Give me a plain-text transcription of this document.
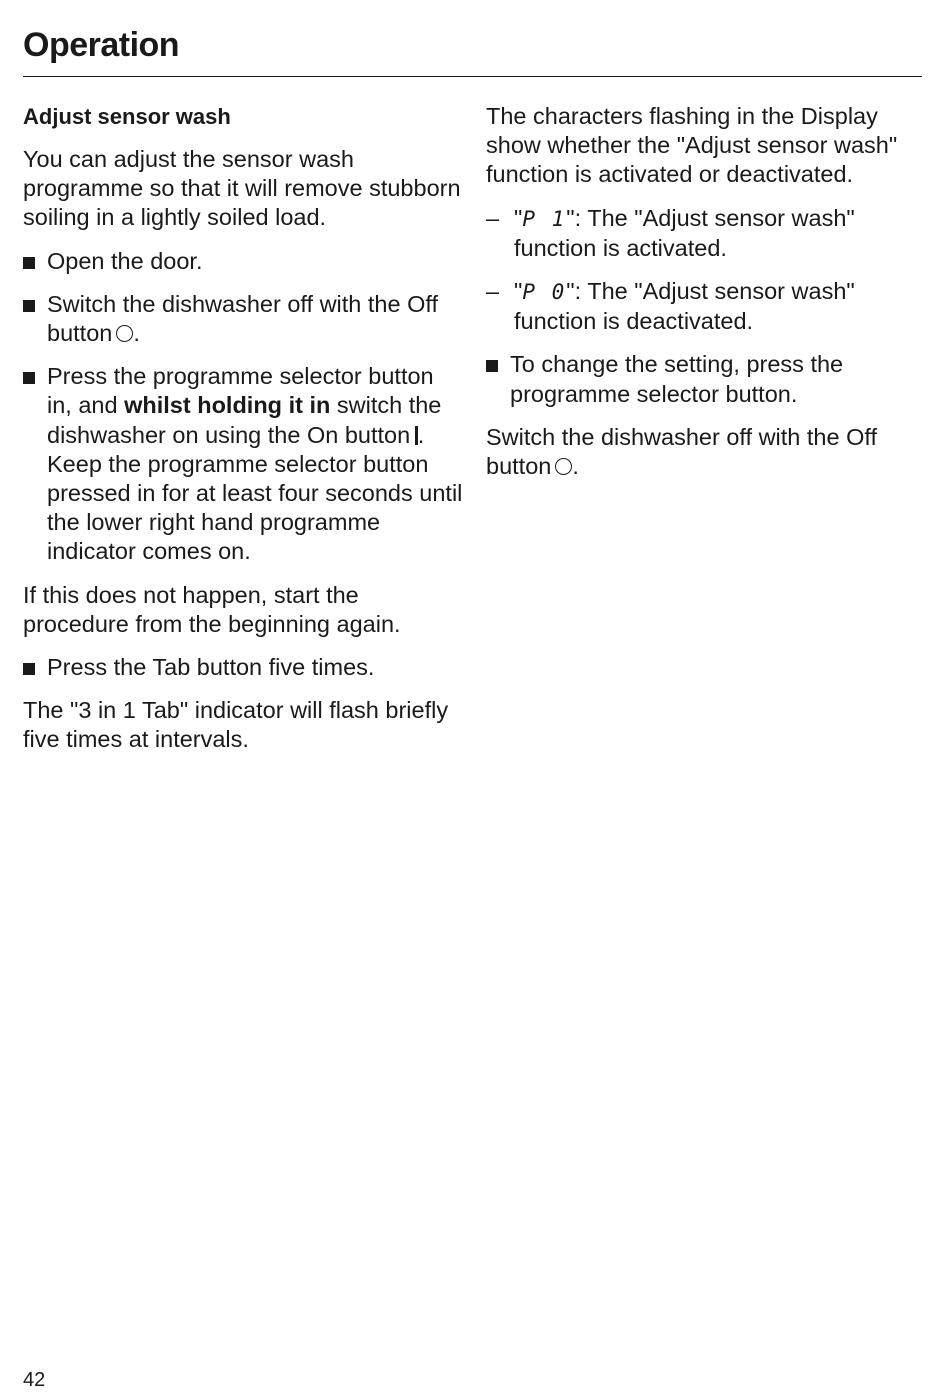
Operation
Adjust sensor wash

You can adjust the sensor wash programme so that it will remove stubborn soiling in a lightly soiled load.

Open the door.
Switch the dishwasher off with the Off button .
Press the programme selector button in, and whilst holding it in switch the dishwasher on using the On button .
Keep the programme selector button pressed in for at least four seconds until the lower right hand programme indicator comes on.

If this does not happen, start the procedure from the beginning again.

Press the Tab button five times.

The "3 in 1 Tab" indicator will flash briefly five times at intervals.

The characters flashing in the Display show whether the "Adjust sensor wash" function is activated or deactivated.

– "P 1": The "Adjust sensor wash" function is activated.
– "P 0": The "Adjust sensor wash" function is deactivated.
To change the setting, press the programme selector button.

Switch the dishwasher off with the Off button .

42
